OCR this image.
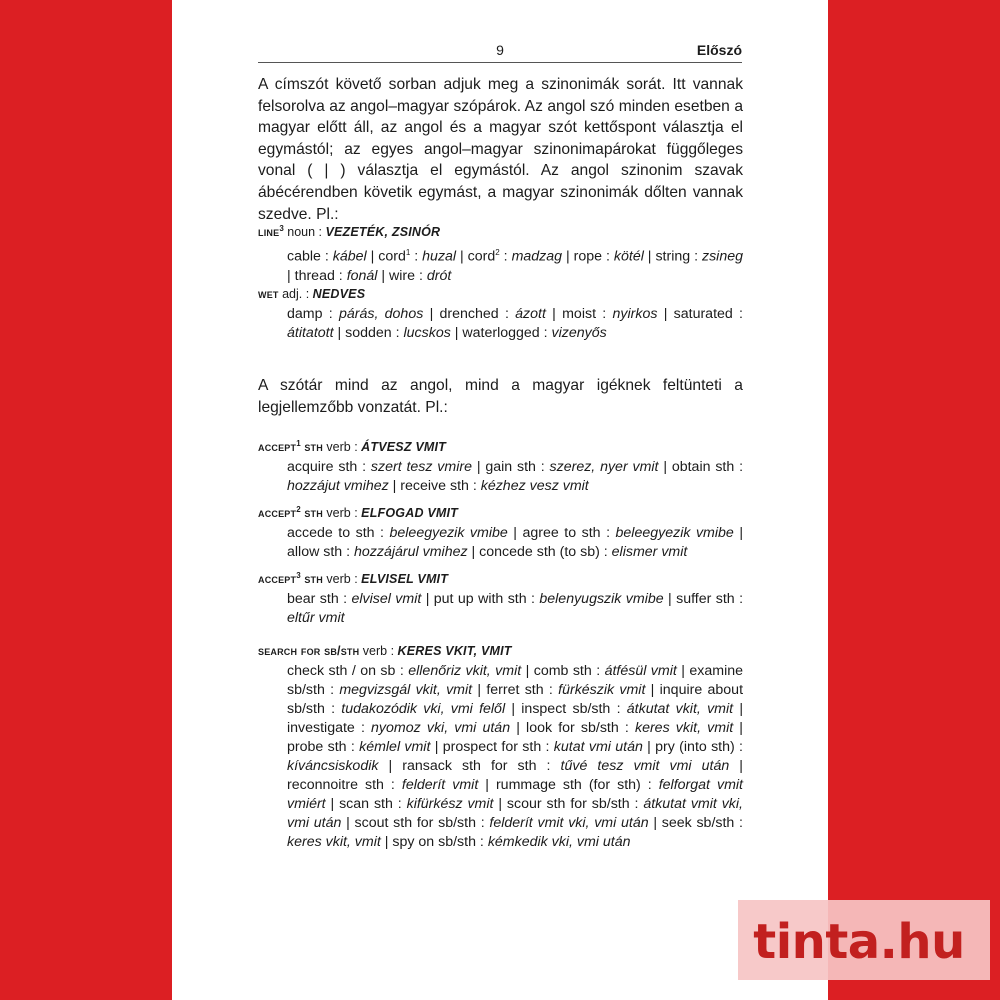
9	Előszó

A címszót követő sorban adjuk meg a szinonimák sorát. Itt vannak felsorolva az angol–magyar szópárok. Az angol szó minden esetben a magyar előtt áll, az angol és a magyar szót kettőspont választja el egymástól; az egyes angol–magyar szinonimapárokat függőleges vonal ( | ) választja el egymástól. Az angol szinonim szavak ábécérendben követik egymást, a magyar szinonimák dőlten vannak szedve. Pl.:

line$^3$ noun : VEZETÉK, ZSINÓR
cable : kábel | cord$^1$ : huzal | cord$^2$ : madzag | rope : kötél | string : zsineg | thread : fonál | wire : drót
wet adj. : NEDVES
damp : párás, dohos | drenched : ázott | moist : nyirkos | saturated : átitatott | sodden : lucskos | waterlogged : vizenyős

A szótár mind az angol, mind a magyar igéknek feltünteti a legjellemzőbb vonzatát. Pl.:

accept$^1$ sth verb : ÁTVESZ VMIT
acquire sth : szert tesz vmire | gain sth : szerez, nyer vmit | obtain sth : hozzájut vmihez | receive sth : kézhez vesz vmit
accept$^2$ sth verb : ELFOGAD VMIT
accede to sth : beleegyezik vmibe | agree to sth : beleegyezik vmibe | allow sth : hozzájárul vmihez | concede sth (to sb) : elismer vmit
accept$^3$ sth verb : ELVISEL VMIT
bear sth : elvisel vmit | put up with sth : belenyugszik vmibe | suffer sth : eltűr vmit
search for sb/sth verb : KERES VKIT, VMIT
check sth / on sb : ellenőriz vkit, vmit | comb sth : átfésül vmit | examine sb/sth : megvizsgál vkit, vmit | ferret sth : fürkészik vmit | inquire about sb/sth : tudakozódik vki, vmi felől | inspect sb/sth : átkutat vkit, vmit | investigate : nyomoz vki, vmi után | look for sb/sth : keres vkit, vmit | probe sth : kémlel vmit | prospect for sth : kutat vmi után | pry (into sth) : kíváncsiskodik | ransack sth for sth : tűvé tesz vmit vmi után | reconnoitre sth : felderít vmit | rummage sth (for sth) : felforgat vmit vmiért | scan sth : kifürkész vmit | scour sth for sb/sth : átkutat vmit vki, vmi után | scout sth for sb/sth : felderít vmit vki, vmi után | seek sb/sth : keres vkit, vmit | spy on sb/sth : kémkedik vki, vmi után
tinta.hu
